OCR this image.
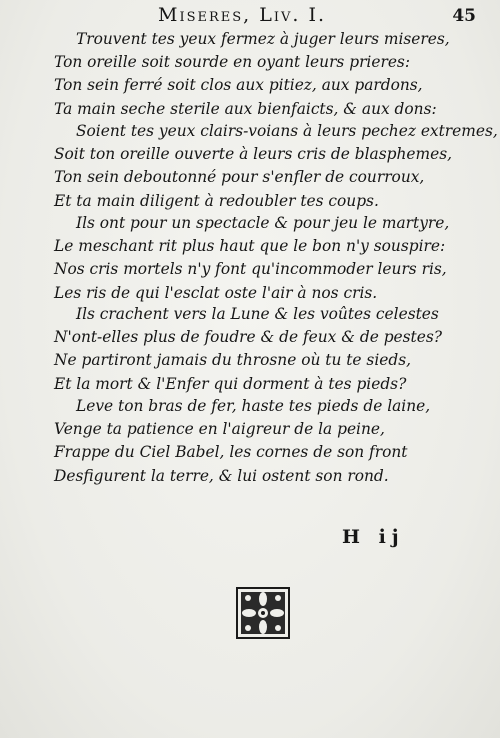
Miseres, Liv. I.	45
Trouvent tes yeux fermez à juger leurs miseres,
Ton oreille soit sourde en oyant leurs prieres:
Ton sein ferré soit clos aux pitiez, aux pardons,
Ta main seche sterile aux bienfaicts, & aux dons:
Soient tes yeux clairs-voians à leurs pechez extremes,
Soit ton oreille ouverte à leurs cris de blasphemes,
Ton sein deboutonné pour s'enfler de courroux,
Et ta main diligent à redoubler tes coups.
Ils ont pour un spectacle & pour jeu le martyre,
Le meschant rit plus haut que le bon n'y souspire:
Nos cris mortels n'y font qu'incommoder leurs ris,
Les ris de qui l'esclat oste l'air à nos cris.
Ils crachent vers la Lune & les voûtes celestes
N'ont-elles plus de foudre & de feux & de pestes?
Ne partiront jamais du throsne où tu te sieds,
Et la mort & l'Enfer qui dorment à tes pieds?
Leve ton bras de fer, haste tes pieds de laine,
Venge ta patience en l'aigreur de la peine,
Frappe du Ciel Babel, les cornes de son front
Desfigurent la terre, & lui ostent son rond.
H ij
